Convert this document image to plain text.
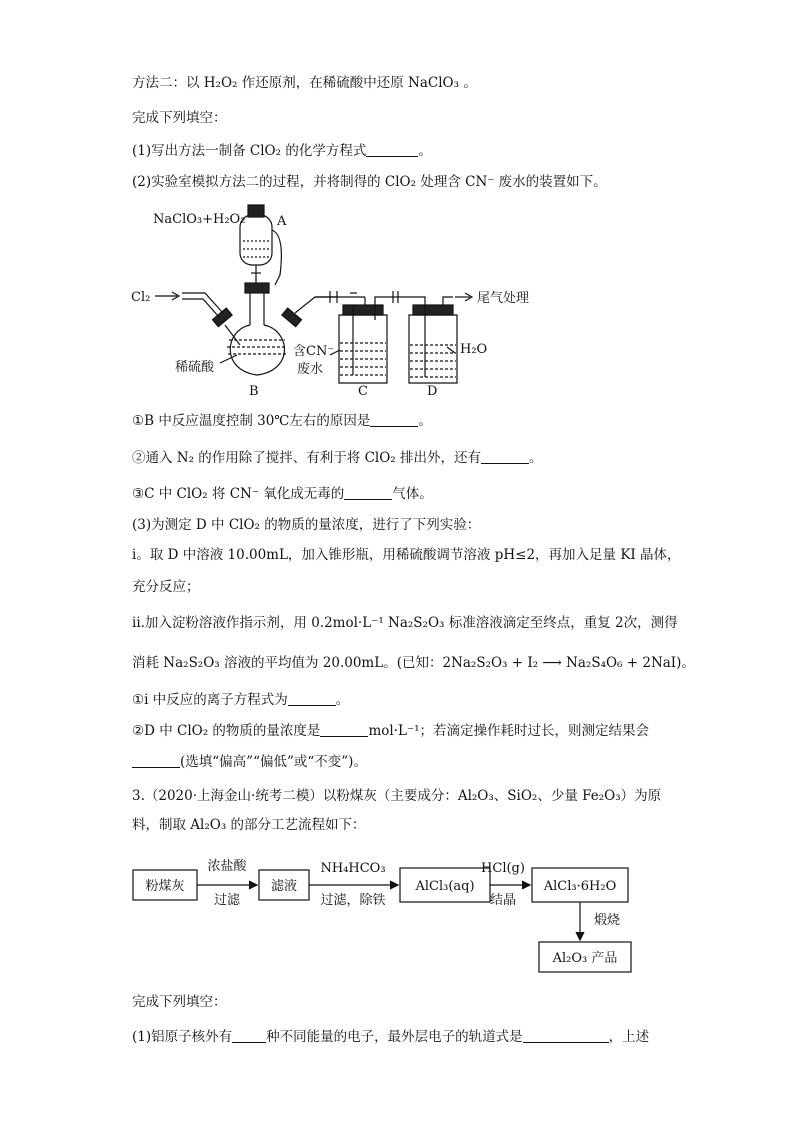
方法二：以 H₂O₂ 作还原剂，在稀硫酸中还原 NaClO₃ 。
完成下列填空：
(1)写出方法一制备 ClO₂ 的化学方程式	。
(2)实验室模拟方法二的过程，并将制得的 ClO₂ 处理含 CN⁻ 废水的装置如下。
NaClO₃+H₂O₂ A
Cl₂
稀硫酸
B
含CN⁻
废水
C
H₂O
D
尾气处理
①B 中反应温度控制 30℃左右的原因是	。
②通入 N₂ 的作用除了搅拌、有利于将 ClO₂ 排出外，还有	。
③C 中 ClO₂ 将 CN⁻ 氧化成无毒的	气体。
(3)为测定 D 中 ClO₂ 的物质的量浓度，进行了下列实验：
i。取 D 中溶液 10.00mL，加入锥形瓶，用稀硫酸调节溶液 pH≤2，再加入足量 KI 晶体，
充分反应；
ii.加入淀粉溶液作指示剂，用 0.2mol·L⁻¹ Na₂S₂O₃ 标准溶液滴定至终点，重复 2次，测得
消耗 Na₂S₂O₃ 溶液的平均值为 20.00mL。(已知：2Na₂S₂O₃ + I₂ ⟶ Na₂S₄O₆ + 2NaI)。
①i 中反应的离子方程式为	。
②D 中 ClO₂ 的物质的量浓度是	mol·L⁻¹；若滴定操作耗时过长，则测定结果会
(选填“偏高”“偏低”或“不变”)。
3.（2020·上海金山·统考二模）以粉煤灰（主要成分：Al₂O₃、SiO₂、少量 Fe₂O₃）为原
料，制取 Al₂O₃ 的部分工艺流程如下：
粉煤灰	滤液	AlCl₃(aq)	AlCl₃·6H₂O
Al₂O₃ 产品
浓盐酸
过滤
NH₄HCO₃
过滤，除铁
HCl(g)
结晶
煅烧
完成下列填空：
(1)铝原子核外有	种不同能量的电子，最外层电子的轨道式是	，上述
